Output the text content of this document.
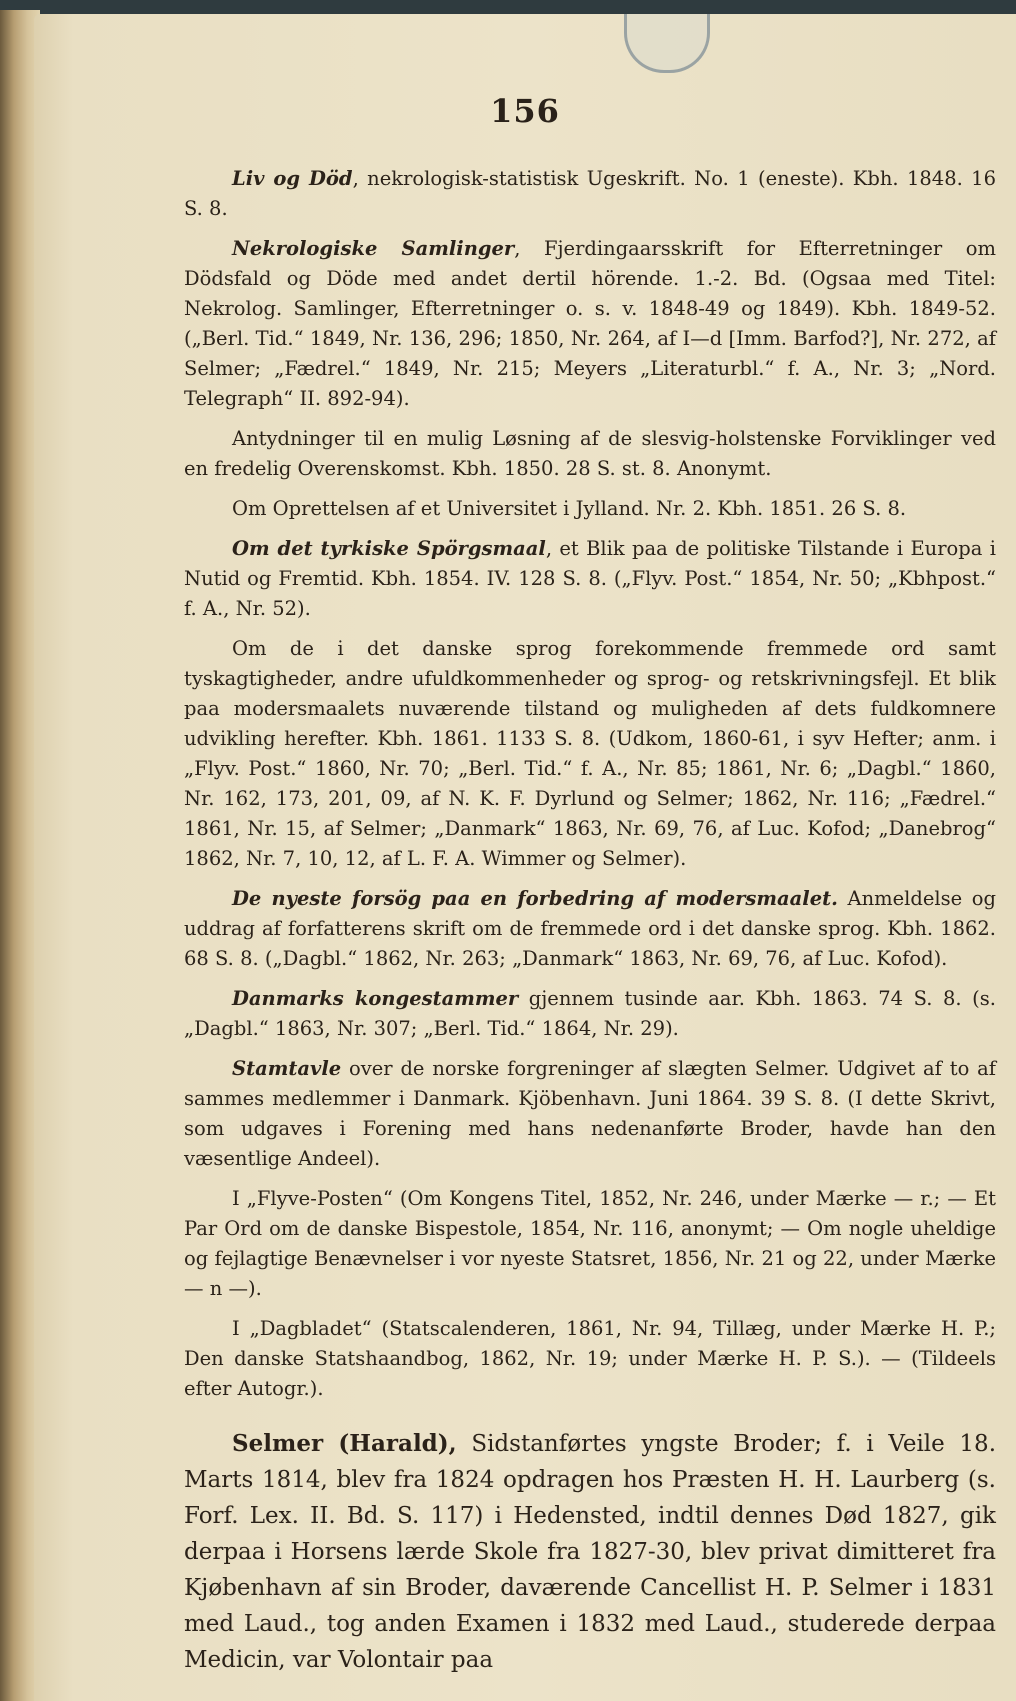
156

Liv og Död, nekrologisk-statistisk Ugeskrift. No. 1 (eneste). Kbh. 1848. 16 S. 8.

Nekrologiske Samlinger, Fjerdingaarsskrift for Efterretninger om Dödsfald og Döde med andet dertil hörende. 1.-2. Bd. (Ogsaa med Titel: Nekrolog. Samlinger, Efterretninger o. s. v. 1848-49 og 1849). Kbh. 1849-52. („Berl. Tid.“ 1849, Nr. 136, 296; 1850, Nr. 264, af I—d [Imm. Barfod?], Nr. 272, af Selmer; „Fædrel.“ 1849, Nr. 215; Meyers „Literaturbl.“ f. A., Nr. 3; „Nord. Telegraph“ II. 892-94).

Antydninger til en mulig Løsning af de slesvig-holstenske Forviklinger ved en fredelig Overenskomst. Kbh. 1850. 28 S. st. 8. Anonymt.

Om Oprettelsen af et Universitet i Jylland. Nr. 2. Kbh. 1851. 26 S. 8.

Om det tyrkiske Spörgsmaal, et Blik paa de politiske Tilstande i Europa i Nutid og Fremtid. Kbh. 1854. IV. 128 S. 8. („Flyv. Post.“ 1854, Nr. 50; „Kbhpost.“ f. A., Nr. 52).

Om de i det danske sprog forekommende fremmede ord samt tyskagtigheder, andre ufuldkommenheder og sprog- og retskrivningsfejl. Et blik paa modersmaalets nuværende tilstand og muligheden af dets fuldkomnere udvikling herefter. Kbh. 1861. 1133 S. 8. (Udkom, 1860-61, i syv Hefter; anm. i „Flyv. Post.“ 1860, Nr. 70; „Berl. Tid.“ f. A., Nr. 85; 1861, Nr. 6; „Dagbl.“ 1860, Nr. 162, 173, 201, 09, af N. K. F. Dyrlund og Selmer; 1862, Nr. 116; „Fædrel.“ 1861, Nr. 15, af Selmer; „Danmark“ 1863, Nr. 69, 76, af Luc. Kofod; „Danebrog“ 1862, Nr. 7, 10, 12, af L. F. A. Wimmer og Selmer).

De nyeste forsög paa en forbedring af modersmaalet. Anmeldelse og uddrag af forfatterens skrift om de fremmede ord i det danske sprog. Kbh. 1862. 68 S. 8. („Dagbl.“ 1862, Nr. 263; „Danmark“ 1863, Nr. 69, 76, af Luc. Kofod).

Danmarks kongestammer gjennem tusinde aar. Kbh. 1863. 74 S. 8. (s. „Dagbl.“ 1863, Nr. 307; „Berl. Tid.“ 1864, Nr. 29).

Stamtavle over de norske forgreninger af slægten Selmer. Udgivet af to af sammes medlemmer i Danmark. Kjöbenhavn. Juni 1864. 39 S. 8. (I dette Skrivt, som udgaves i Forening med hans nedenanførte Broder, havde han den væsentlige Andeel).

I „Flyve-Posten“ (Om Kongens Titel, 1852, Nr. 246, under Mærke — r.; — Et Par Ord om de danske Bispestole, 1854, Nr. 116, anonymt; — Om nogle uheldige og fejlagtige Benævnelser i vor nyeste Statsret, 1856, Nr. 21 og 22, under Mærke — n —).

I „Dagbladet“ (Statscalenderen, 1861, Nr. 94, Tillæg, under Mærke H. P.; Den danske Statshaandbog, 1862, Nr. 19; under Mærke H. P. S.). — (Tildeels efter Autogr.).

Selmer (Harald), Sidstanførtes yngste Broder; f. i Veile 18. Marts 1814, blev fra 1824 opdragen hos Præsten H. H. Laurberg (s. Forf. Lex. II. Bd. S. 117) i Hedensted, indtil dennes Død 1827, gik derpaa i Horsens lærde Skole fra 1827-30, blev privat dimitteret fra Kjøbenhavn af sin Broder, daværende Cancellist H. P. Selmer i 1831 med Laud., tog anden Examen i 1832 med Laud., studerede derpaa Medicin, var Volontair paa
